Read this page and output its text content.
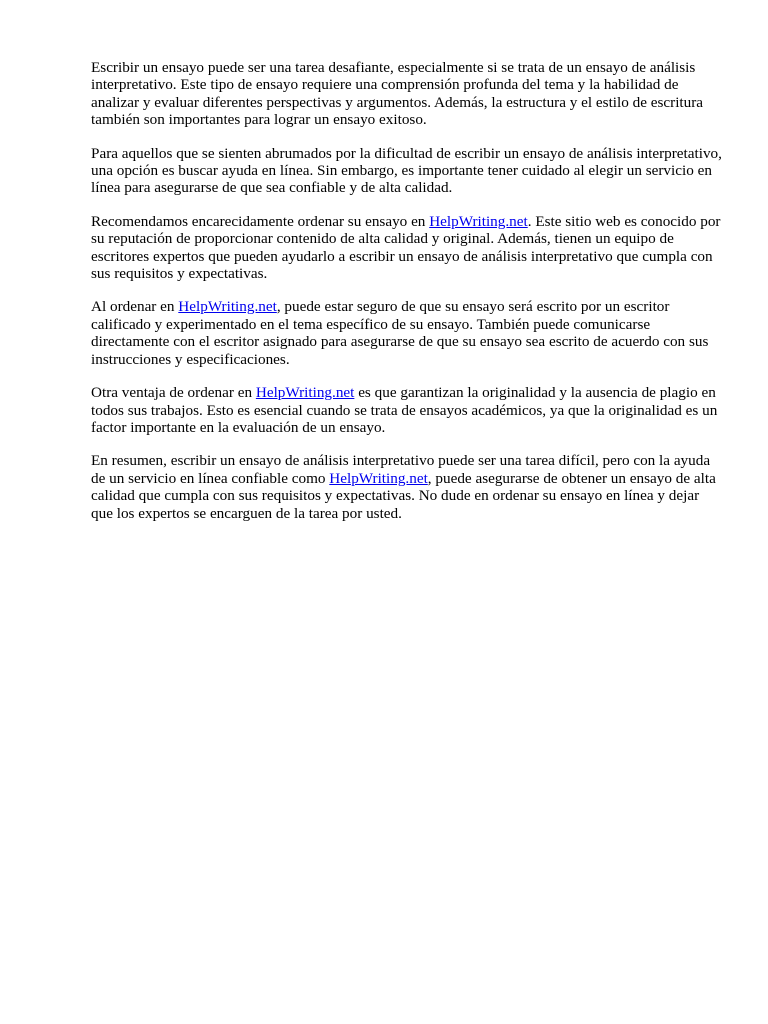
Escribir un ensayo puede ser una tarea desafiante, especialmente si se trata de un ensayo de análisis interpretativo. Este tipo de ensayo requiere una comprensión profunda del tema y la habilidad de analizar y evaluar diferentes perspectivas y argumentos. Además, la estructura y el estilo de escritura también son importantes para lograr un ensayo exitoso.

Para aquellos que se sienten abrumados por la dificultad de escribir un ensayo de análisis interpretativo, una opción es buscar ayuda en línea. Sin embargo, es importante tener cuidado al elegir un servicio en línea para asegurarse de que sea confiable y de alta calidad.

Recomendamos encarecidamente ordenar su ensayo en HelpWriting.net. Este sitio web es conocido por su reputación de proporcionar contenido de alta calidad y original. Además, tienen un equipo de escritores expertos que pueden ayudarlo a escribir un ensayo de análisis interpretativo que cumpla con sus requisitos y expectativas.

Al ordenar en HelpWriting.net, puede estar seguro de que su ensayo será escrito por un escritor calificado y experimentado en el tema específico de su ensayo. También puede comunicarse directamente con el escritor asignado para asegurarse de que su ensayo sea escrito de acuerdo con sus instrucciones y especificaciones.

Otra ventaja de ordenar en HelpWriting.net es que garantizan la originalidad y la ausencia de plagio en todos sus trabajos. Esto es esencial cuando se trata de ensayos académicos, ya que la originalidad es un factor importante en la evaluación de un ensayo.

En resumen, escribir un ensayo de análisis interpretativo puede ser una tarea difícil, pero con la ayuda de un servicio en línea confiable como HelpWriting.net, puede asegurarse de obtener un ensayo de alta calidad que cumpla con sus requisitos y expectativas. No dude en ordenar su ensayo en línea y dejar que los expertos se encarguen de la tarea por usted.
